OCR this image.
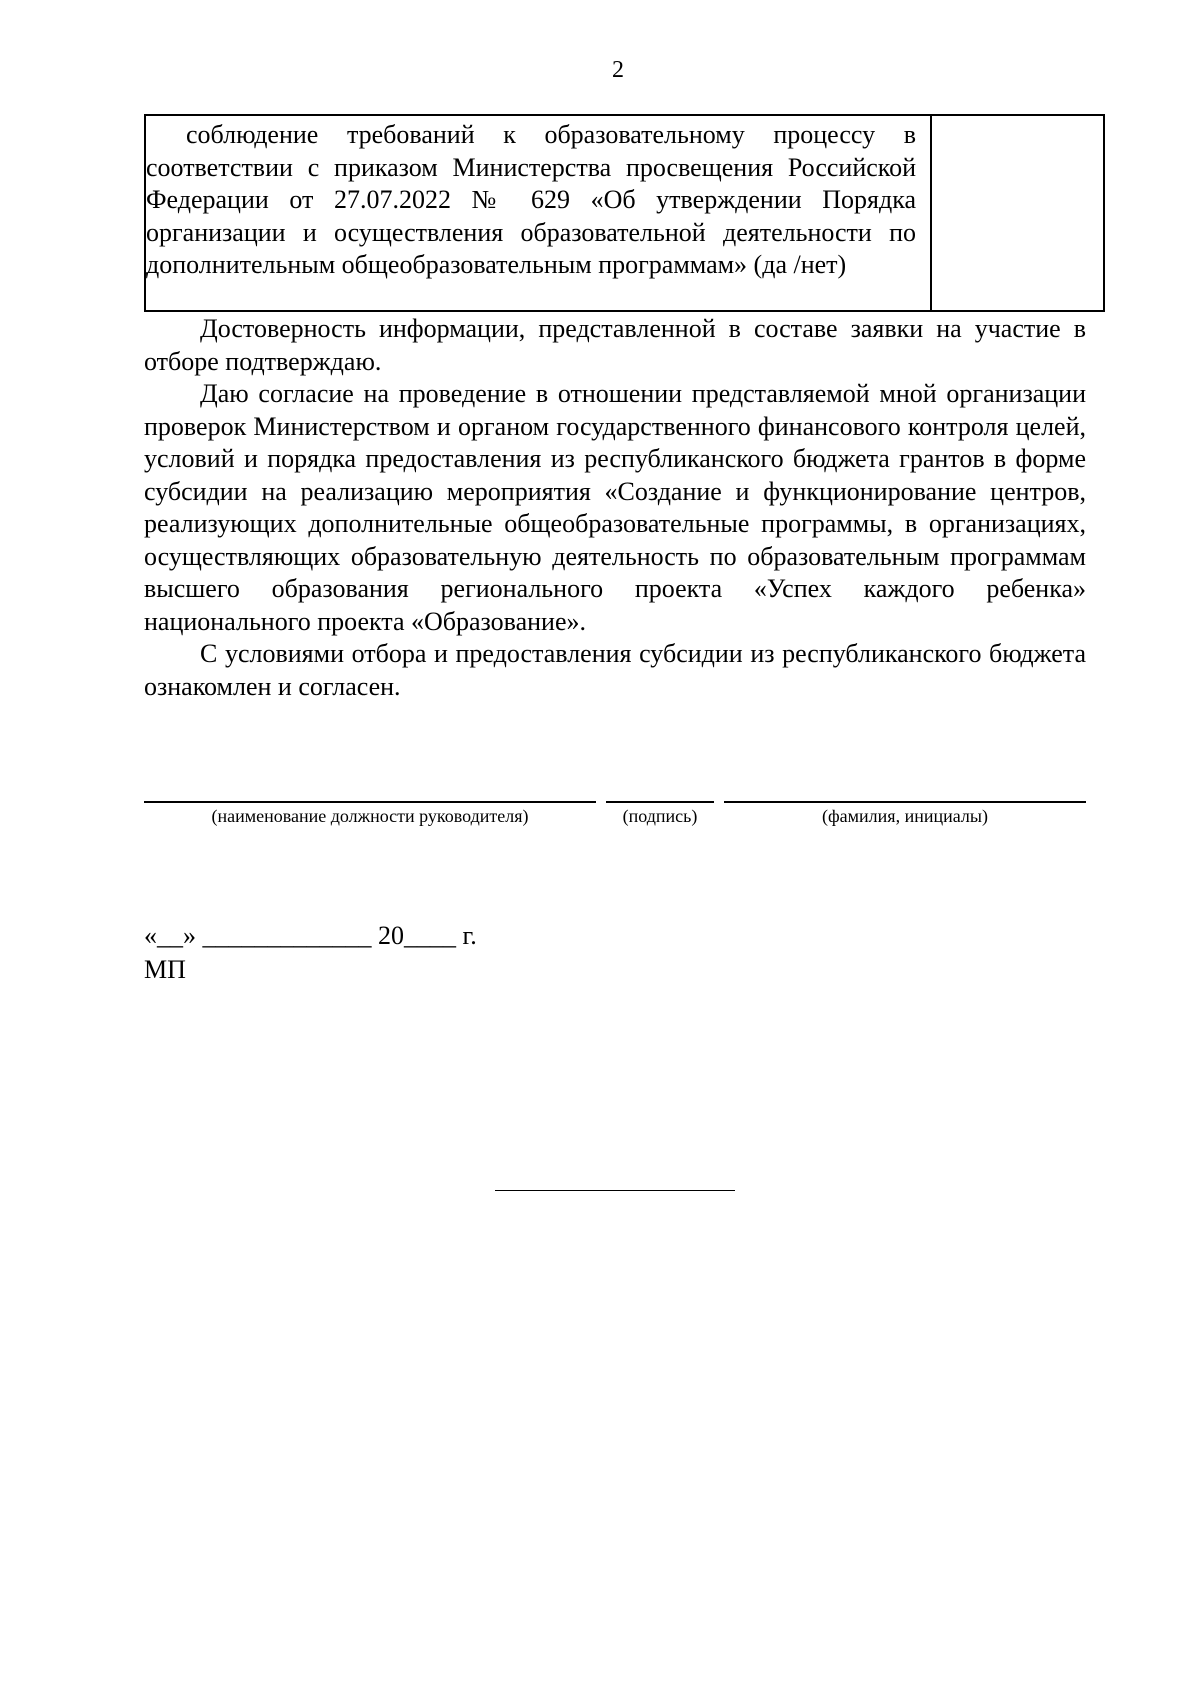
2
соблюдение требований к образовательному процессу в соответствии с приказом Министерства просвещения Российской Федерации от 27.07.2022 № 629 «Об утверждении Порядка организации и осуществления образовательной деятельности по дополнительным общеобразовательным программам» (да /нет)

Достоверность информации, представленной в составе заявки на участие в отборе подтверждаю.

Даю согласие на проведение в отношении представляемой мной организации проверок Министерством и органом государственного финансового контроля целей, условий и порядка предоставления из республиканского бюджета грантов в форме субсидии на реализацию мероприятия «Создание и функционирование центров, реализующих дополнительные общеобразовательные программы, в организациях, осуществляющих образовательную деятельность по образовательным программам высшего образования регионального проекта «Успех каждого ребенка» национального проекта «Образование».

С условиями отбора и предоставления субсидии из республиканского бюджета ознакомлен и согласен.

(наименование должности руководителя)	(подпись)	(фамилия, инициалы)
«__» _____________ 20____ г.
МП
